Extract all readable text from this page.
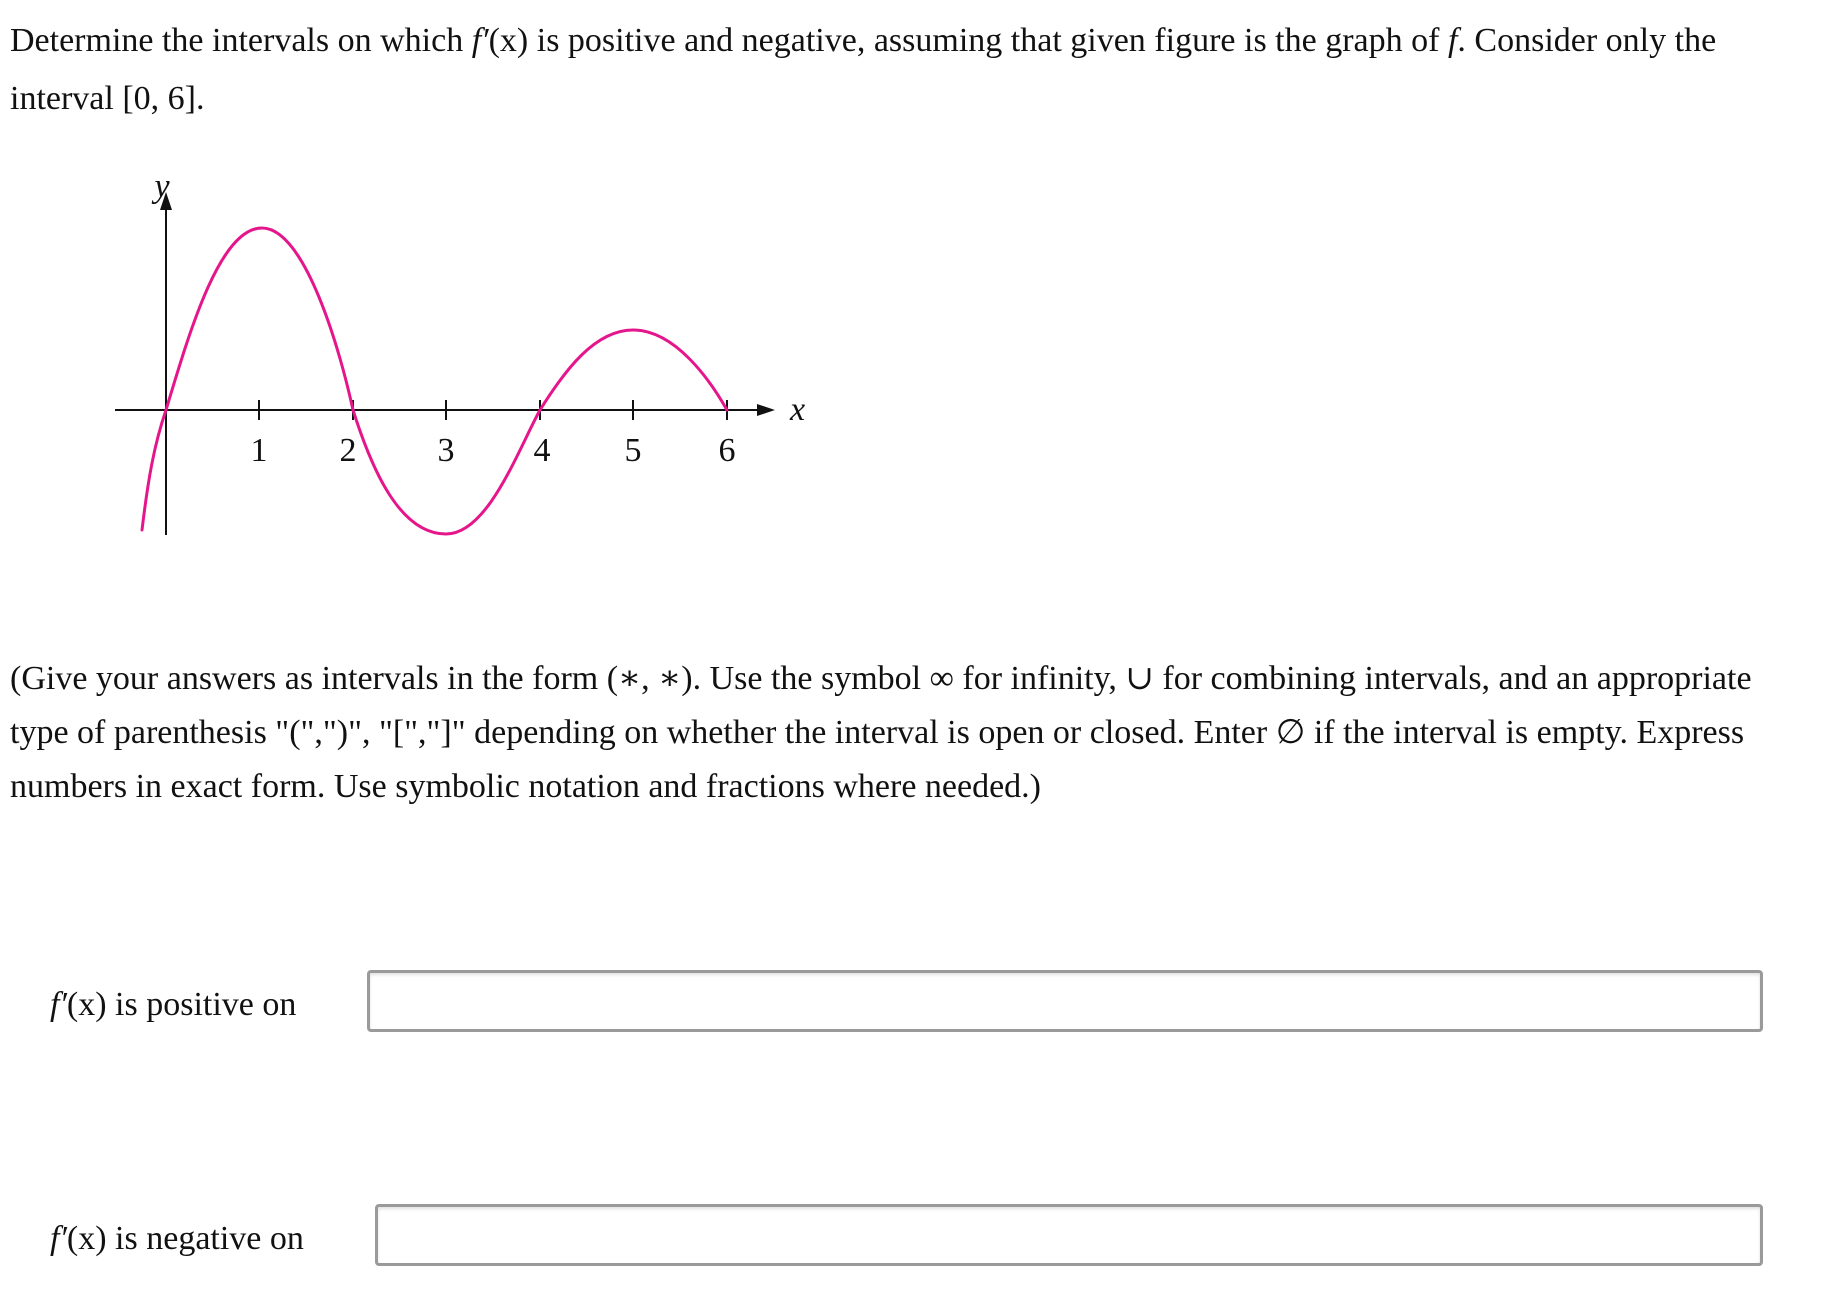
Determine the intervals on which f′(x) is positive and negative, assuming that given figure is the graph of f. Consider only the
interval [0, 6].

1 2 3 4 5 6
y
x

(Give your answers as intervals in the form (∗, ∗). Use the symbol ∞ for infinity, ∪ for combining intervals, and an appropriate
type of parenthesis "(",")", "[","]" depending on whether the interval is open or closed. Enter ∅ if the interval is empty. Express
numbers in exact form. Use symbolic notation and fractions where needed.)

f′(x) is positive on
f′(x) is negative on
